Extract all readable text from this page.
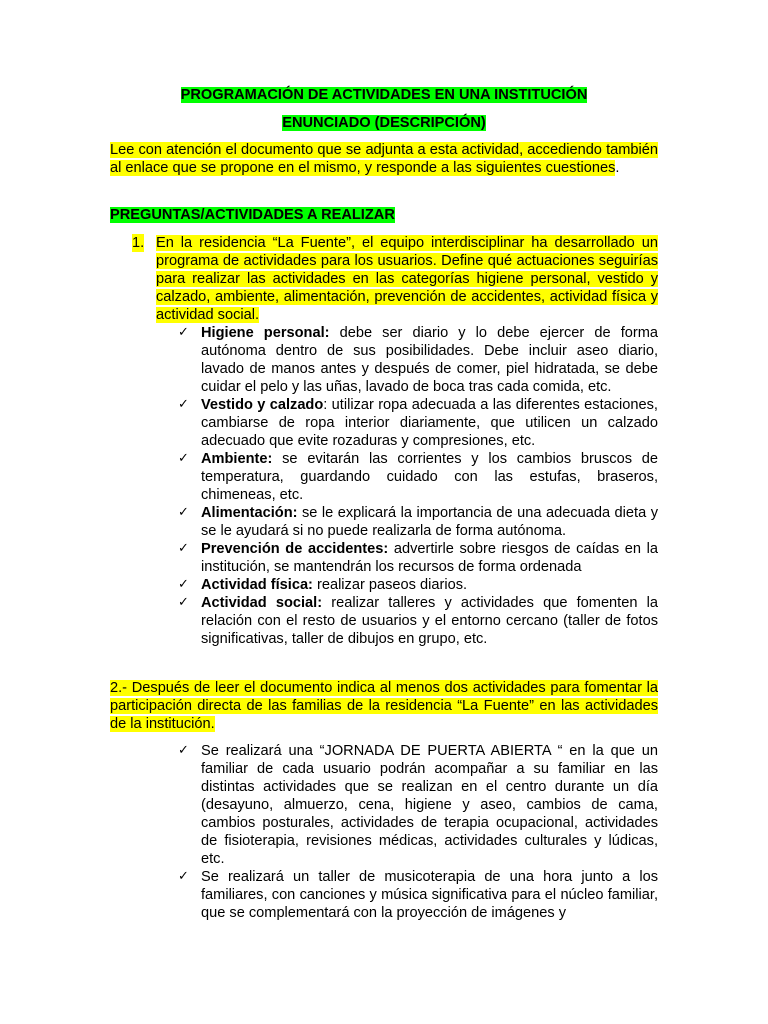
PROGRAMACIÓN DE ACTIVIDADES EN UNA INSTITUCIÓN
ENUNCIADO (DESCRIPCIÓN)
Lee con atención el documento que se adjunta a esta actividad, accediendo también al enlace que se propone en el mismo, y responde a las siguientes cuestiones.
PREGUNTAS/ACTIVIDADES A REALIZAR
1. En la residencia “La Fuente”, el equipo interdisciplinar ha desarrollado un programa de actividades para los usuarios. Define qué actuaciones seguirías para realizar las actividades en las categorías higiene personal, vestido y calzado, ambiente, alimentación, prevención de accidentes, actividad física y actividad social.
✓ Higiene personal: debe ser diario y lo debe ejercer de forma autónoma dentro de sus posibilidades. Debe incluir aseo diario, lavado de manos antes y después de comer, piel hidratada, se debe cuidar el pelo y las uñas, lavado de boca tras cada comida, etc.
✓ Vestido y calzado: utilizar ropa adecuada a las diferentes estaciones, cambiarse de ropa interior diariamente, que utilicen un calzado adecuado que evite rozaduras y compresiones, etc.
✓ Ambiente: se evitarán las corrientes y los cambios bruscos de temperatura, guardando cuidado con las estufas, braseros, chimeneas, etc.
✓ Alimentación: se le explicará la importancia de una adecuada dieta y se le ayudará si no puede realizarla de forma autónoma.
✓ Prevención de accidentes: advertirle sobre riesgos de caídas en la institución, se mantendrán los recursos de forma ordenada
✓ Actividad física: realizar paseos diarios.
✓ Actividad social: realizar talleres y actividades que fomenten la relación con el resto de usuarios y el entorno cercano (taller de fotos significativas, taller de dibujos en grupo, etc.
2.- Después de leer el documento indica al menos dos actividades para fomentar la participación directa de las familias de la residencia “La Fuente” en las actividades de la institución.
✓ Se realizará una “JORNADA DE PUERTA ABIERTA “ en la que un familiar de cada usuario podrán acompañar a su familiar en las distintas actividades que se realizan en el centro durante un día (desayuno, almuerzo, cena, higiene y aseo, cambios de cama, cambios posturales, actividades de terapia ocupacional, actividades de fisioterapia, revisiones médicas, actividades culturales y lúdicas, etc.
✓ Se realizará un taller de musicoterapia de una hora junto a los familiares, con canciones y música significativa para el núcleo familiar, que se complementará con la proyección de imágenes y
